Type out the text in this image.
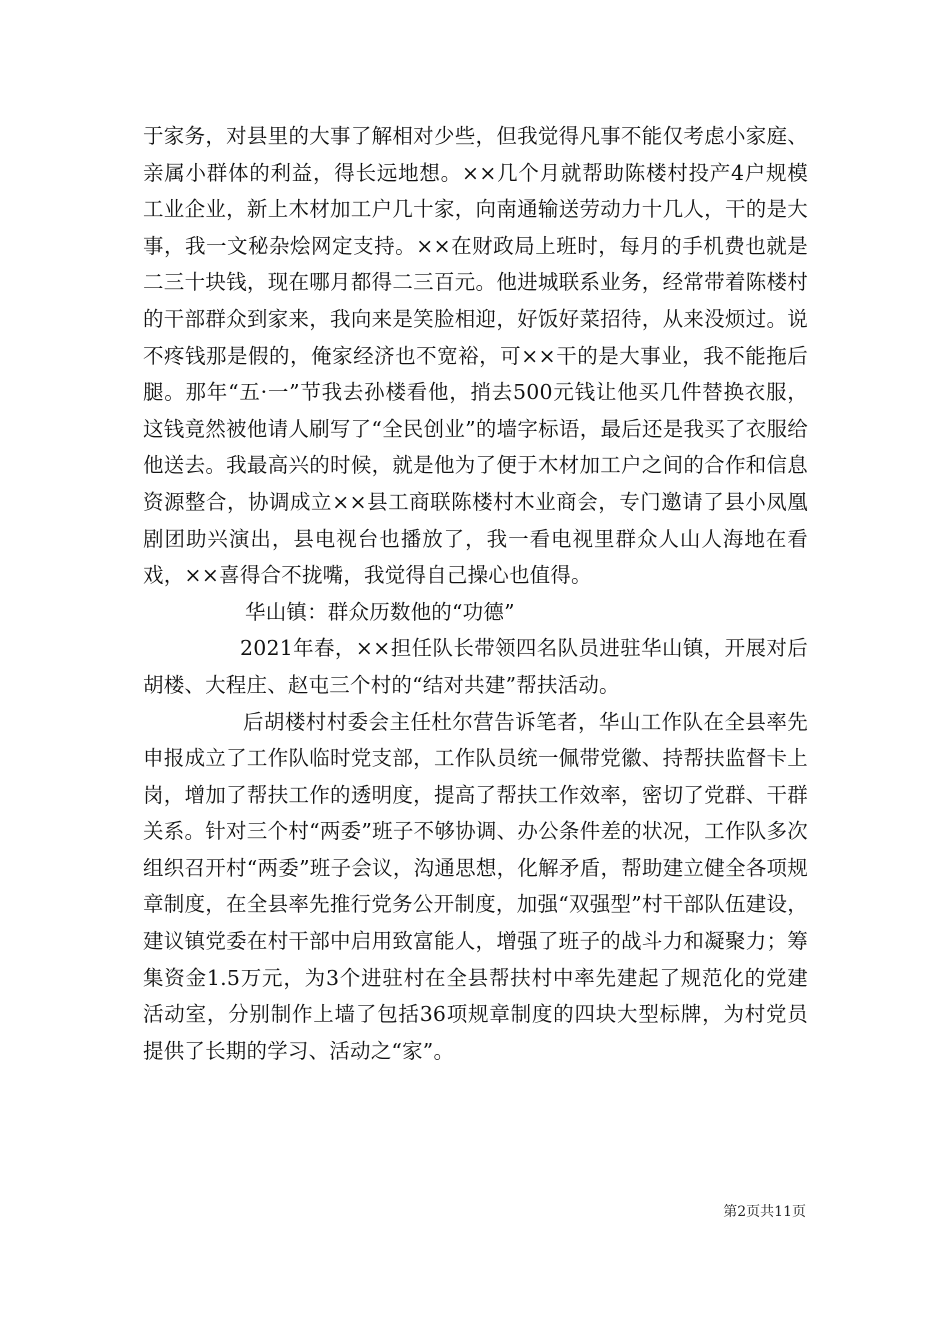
于家务，对县里的大事了解相对少些，但我觉得凡事不能仅考虑小家庭、亲属小群体的利益，得长远地想。××几个月就帮助陈楼村投产4户规模工业企业，新上木材加工户几十家，向南通输送劳动力十几人，干的是大事，我一文秘杂烩网定支持。××在财政局上班时，每月的手机费也就是二三十块钱，现在哪月都得二三百元。他进城联系业务，经常带着陈楼村的干部群众到家来，我向来是笑脸相迎，好饭好菜招待，从来没烦过。说不疼钱那是假的，俺家经济也不宽裕，可××干的是大事业，我不能拖后腿。那年“五·一”节我去孙楼看他，捎去500元钱让他买几件替换衣服，这钱竟然被他请人刷写了“全民创业”的墙字标语，最后还是我买了衣服给他送去。我最高兴的时候，就是他为了便于木材加工户之间的合作和信息资源整合，协调成立××县工商联陈楼村木业商会，专门邀请了县小凤凰剧团助兴演出，县电视台也播放了，我一看电视里群众人山人海地在看戏，××喜得合不拢嘴，我觉得自己操心也值得。

华山镇：群众历数他的“功德”

2021年春，××担任队长带领四名队员进驻华山镇，开展对后胡楼、大程庄、赵屯三个村的“结对共建”帮扶活动。

后胡楼村村委会主任杜尔营告诉笔者，华山工作队在全县率先申报成立了工作队临时党支部，工作队员统一佩带党徽、持帮扶监督卡上岗，增加了帮扶工作的透明度，提高了帮扶工作效率，密切了党群、干群关系。针对三个村“两委”班子不够协调、办公条件差的状况，工作队多次组织召开村“两委”班子会议，沟通思想，化解矛盾，帮助建立健全各项规章制度，在全县率先推行党务公开制度，加强“双强型”村干部队伍建设，建议镇党委在村干部中启用致富能人，增强了班子的战斗力和凝聚力；筹集资金1.5万元，为3个进驻村在全县帮扶村中率先建起了规范化的党建活动室，分别制作上墙了包括36项规章制度的四块大型标牌，为村党员提供了长期的学习、活动之“家”。

第2页共11页
